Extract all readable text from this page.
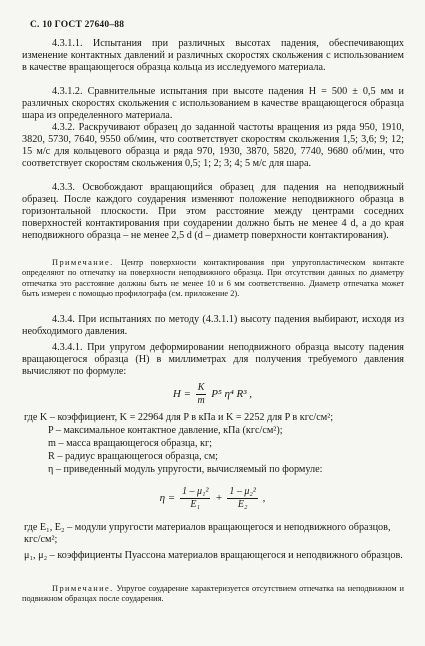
С. 10 ГОСТ 27640–88
4.3.1.1. Испытания при различных высотах падения, обеспечивающих изменение контактных давлений и различных скоростях скольжения с использованием в качестве вращающегося образца кольца из исследуемого материала.
4.3.1.2. Сравнительные испытания при высоте падения H = 500 ± 0,5 мм и различных скоростях скольжения с использованием в качестве вращающегося образца шара из определенного материала.
4.3.2. Раскручивают образец до заданной частоты вращения из ряда 950, 1910, 3820, 5730, 7640, 9550 об/мин, что соответствует скоростям скольжения 1,5; 3,6; 9; 12; 15 м/с для кольцевого образца и ряда 970, 1930, 3870, 5820, 7740, 9680 об/мин, что соответствует скоростям скольжения 0,5; 1; 2; 3; 4; 5 м/с для шара.
4.3.3. Освобождают вращающийся образец для падения на неподвижный образец. После каждого соударения изменяют положение неподвижного образца в горизонтальной плоскости. При этом расстояние между центрами соседних поверхностей контактирования при соударении должно быть не менее 4 d, а до края неподвижного образца – не менее 2,5 d (d – диаметр поверхности контактирования).
Примечание. Центр поверхности контактирования при упругопластическом контакте определяют по отпечатку на поверхности неподвижного образца. При отсутствии данных по диаметру отпечатка это расстояние должны быть не менее 10 и 6 мм соответственно. Диаметр отпечатка может быть измерен с помощью профилографа (см. приложение 2).
4.3.4. При испытаниях по методу (4.3.1.1) высоту падения выбирают, исходя из необходимого давления.
4.3.4.1. При упругом деформировании неподвижного образца высоту падения вращающегося образца (H) в миллиметрах для получения требуемого давления вычисляют по формуле:
$H = \frac{K}{m} P^5$ η⁴ R³ ,
где K – коэффициент, K = 22964 для P в кПа и K = 2252 для P в кгс/см²;
P – максимальное контактное давление, кПа (кгс/см²);
m – масса вращающегося образца, кг;
R – радиус вращающегося образца, см;
η – приведенный модуль упругости, вычисляемый по формуле:
$\eta = \frac{\text{1 – μ₁²}}{\text{E₁}} + \frac{\text{1 – μ₂²}}{\text{E₂}}$ ,
где E₁, E₂ – модули упругости материалов вращающегося и неподвижного образцов, кгс/см²;
μ₁, μ₂ – коэффициенты Пуассона материалов вращающегося и неподвижного образцов.
Примечание. Упругое соударение характеризуется отсутствием отпечатка на неподвижном и подвижном образцах после соударения.
